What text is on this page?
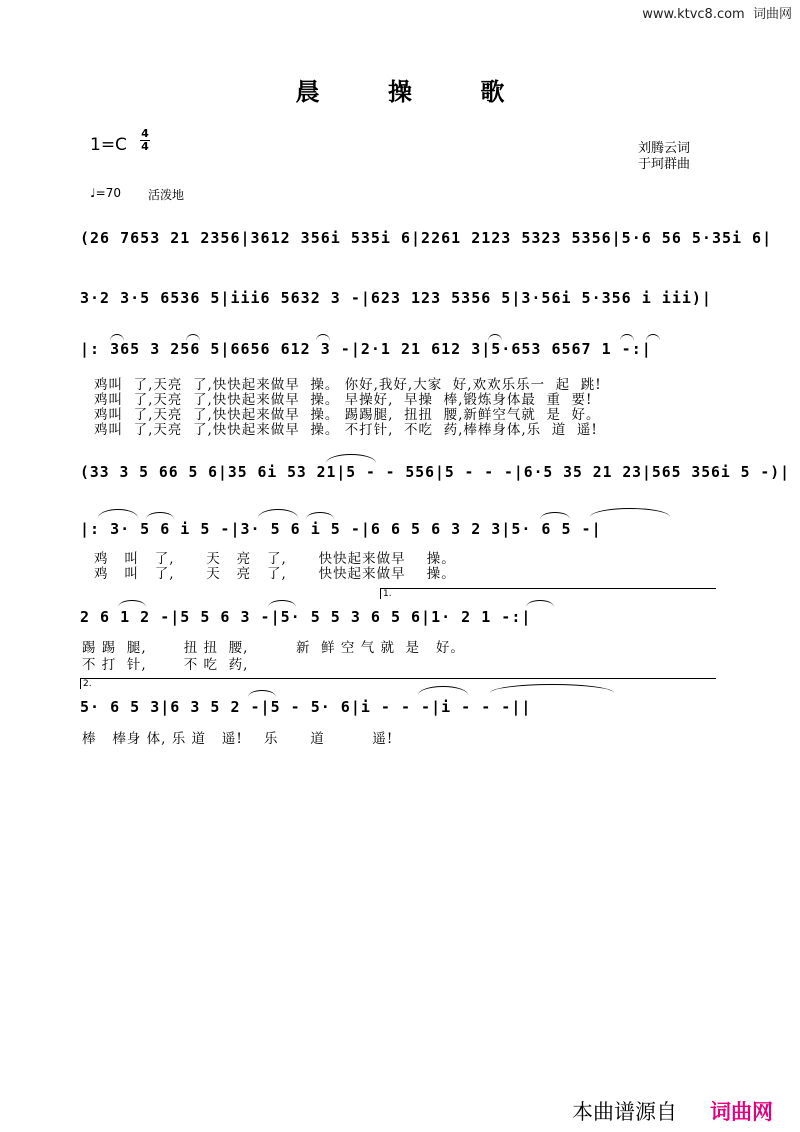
www.ktvc8.com  词曲网
晨 操 歌
1=C
4
4	刘腾云词
于珂群曲
♩=70 活泼地
(26 7653 21 2356|3612 356i 535i 6|2261 2123 5323 5356|5·6 56 5·35i 6|
3·2 3·5 6536 5|iii6 5632 3 -|623 123 5356 5|3·56i 5·356 i iii)|
|: 365 3 256 5|6656 612 3 -|2·1 21 612 3|5·653 6567 1 -:|
鸡叫  了,天亮  了,快快起来做早  操。 你好,我好,大家  好,欢欢乐乐一  起  跳!
鸡叫  了,天亮  了,快快起来做早  操。 早操好,  早操  棒,锻炼身体最  重  要!
鸡叫  了,天亮  了,快快起来做早  操。 踢踢腿,  扭扭  腰,新鲜空气就  是  好。
鸡叫  了,天亮  了,快快起来做早  操。 不打针,  不吃  药,棒棒身体,乐  道  遥!
(33 3 5 66 5 6|35 6i 53 21|5 - - 556|5 - - -|6·5 35 21 23|565 356i 5 -)|
|: 3· 5 6 i 5 -|3· 5 6 i 5 -|6 6 5 6 3 2 3|5· 6 5 -|
鸡   叫   了,      天   亮   了,      快快起来做早    操。
鸡   叫   了,      天   亮   了,      快快起来做早    操。
1.
2 6 1 2 -|5 5 6 3 -|5· 5 5 3 6 5 6|1· 2 1 -:|
踢 踢  腿,       扭 扭  腰,         新  鲜 空 气 就  是   好。
不 打  针,       不 吃  药,
2.
5· 6 5 3|6 3 5 2 -|5 - 5· 6|i - - -|i - - -||
棒   棒身 体, 乐 道   遥!    乐      道         遥!
本曲谱源自 词曲网
